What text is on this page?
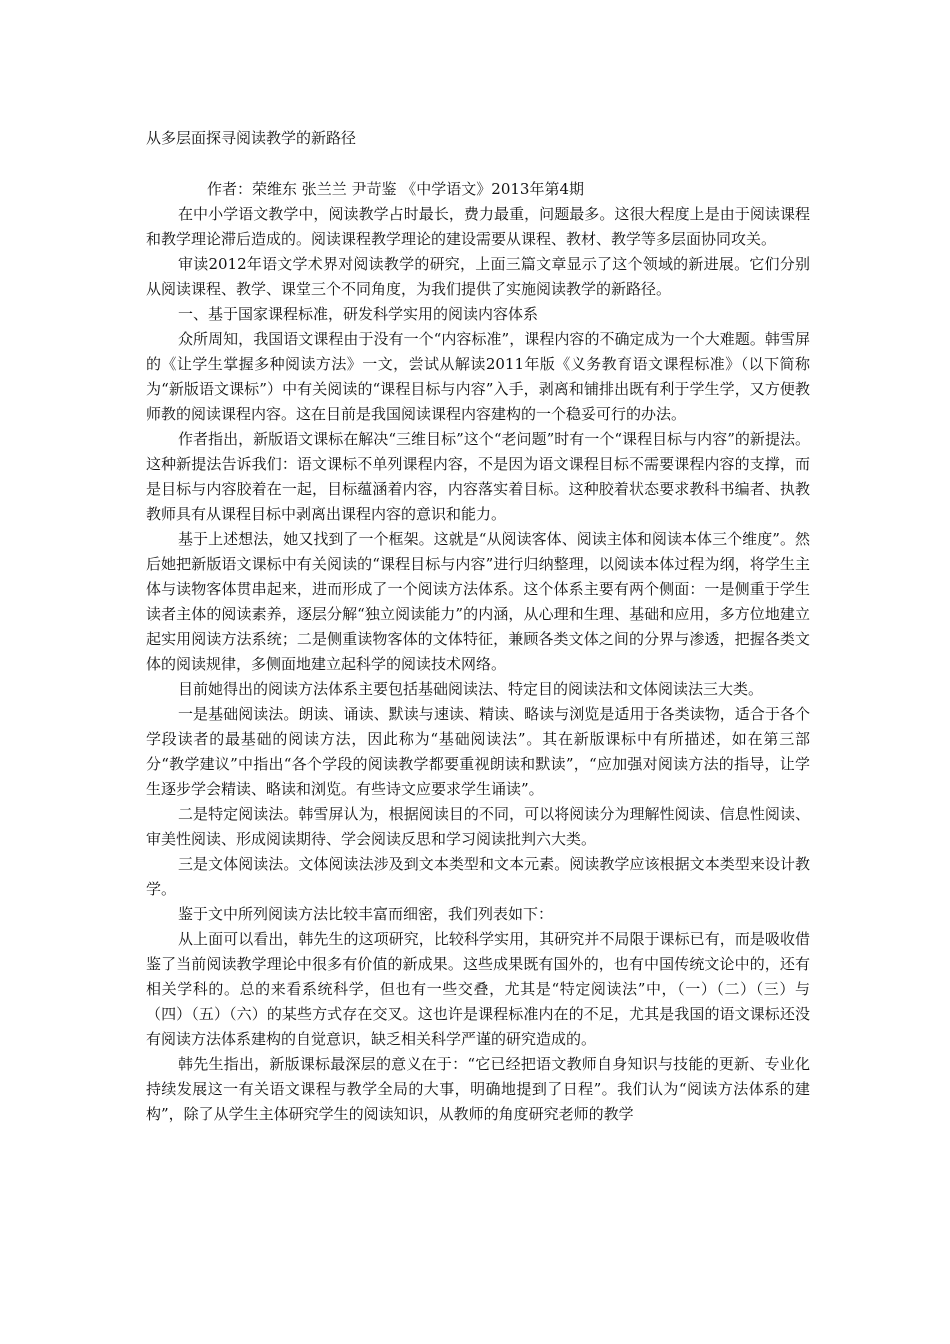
从多层面探寻阅读教学的新路径

作者：荣维东 张兰兰 尹苛鉴 《中学语文》2013年第4期

在中小学语文教学中，阅读教学占时最长，费力最重，问题最多。这很大程度上是由于阅读课程和教学理论滞后造成的。阅读课程教学理论的建设需要从课程、教材、教学等多层面协同攻关。

审读2012年语文学术界对阅读教学的研究，上面三篇文章显示了这个领域的新进展。它们分别从阅读课程、教学、课堂三个不同角度，为我们提供了实施阅读教学的新路径。

一、基于国家课程标准，研发科学实用的阅读内容体系

众所周知，我国语文课程由于没有一个“内容标准”，课程内容的不确定成为一个大难题。韩雪屏的《让学生掌握多种阅读方法》一文，尝试从解读2011年版《义务教育语文课程标准》（以下简称为“新版语文课标”）中有关阅读的“课程目标与内容”入手，剥离和铺排出既有利于学生学，又方便教师教的阅读课程内容。这在目前是我国阅读课程内容建构的一个稳妥可行的办法。

作者指出，新版语文课标在解决“三维目标”这个“老问题”时有一个“课程目标与内容”的新提法。这种新提法告诉我们：语文课标不单列课程内容，不是因为语文课程目标不需要课程内容的支撑，而是目标与内容胶着在一起，目标蕴涵着内容，内容落实着目标。这种胶着状态要求教科书编者、执教教师具有从课程目标中剥离出课程内容的意识和能力。

基于上述想法，她又找到了一个框架。这就是“从阅读客体、阅读主体和阅读本体三个维度”。然后她把新版语文课标中有关阅读的“课程目标与内容”进行归纳整理，以阅读本体过程为纲，将学生主体与读物客体贯串起来，进而形成了一个阅读方法体系。这个体系主要有两个侧面：一是侧重于学生读者主体的阅读素养，逐层分解“独立阅读能力”的内涵，从心理和生理、基础和应用，多方位地建立起实用阅读方法系统；二是侧重读物客体的文体特征，兼顾各类文体之间的分界与渗透，把握各类文体的阅读规律，多侧面地建立起科学的阅读技术网络。

目前她得出的阅读方法体系主要包括基础阅读法、特定目的阅读法和文体阅读法三大类。

一是基础阅读法。朗读、诵读、默读与速读、精读、略读与浏览是适用于各类读物，适合于各个学段读者的最基础的阅读方法，因此称为“基础阅读法”。其在新版课标中有所描述，如在第三部分“教学建议”中指出“各个学段的阅读教学都要重视朗读和默读”，“应加强对阅读方法的指导，让学生逐步学会精读、略读和浏览。有些诗文应要求学生诵读”。

二是特定阅读法。韩雪屏认为，根据阅读目的不同，可以将阅读分为理解性阅读、信息性阅读、审美性阅读、形成阅读期待、学会阅读反思和学习阅读批判六大类。

三是文体阅读法。文体阅读法涉及到文本类型和文本元素。阅读教学应该根据文本类型来设计教学。

鉴于文中所列阅读方法比较丰富而细密，我们列表如下：

从上面可以看出，韩先生的这项研究，比较科学实用，其研究并不局限于课标已有，而是吸收借鉴了当前阅读教学理论中很多有价值的新成果。这些成果既有国外的，也有中国传统文论中的，还有相关学科的。总的来看系统科学，但也有一些交叠，尤其是“特定阅读法”中，（一）（二）（三）与（四）（五）（六）的某些方式存在交叉。这也许是课程标准内在的不足，尤其是我国的语文课标还没有阅读方法体系建构的自觉意识，缺乏相关科学严谨的研究造成的。

韩先生指出，新版课标最深层的意义在于：“它已经把语文教师自身知识与技能的更新、专业化持续发展这一有关语文课程与教学全局的大事，明确地提到了日程”。我们认为“阅读方法体系的建构”，除了从学生主体研究学生的阅读知识，从教师的角度研究老师的教学
